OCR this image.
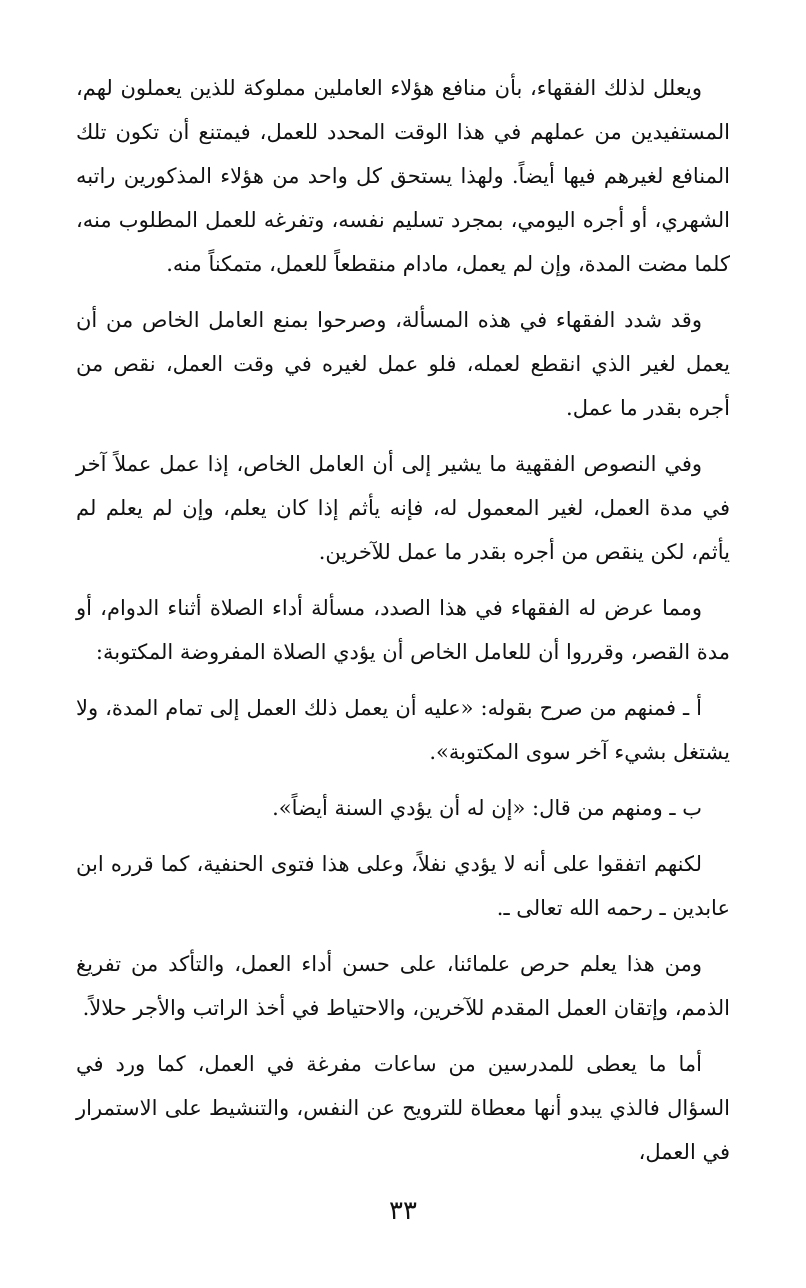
ويعلل لذلك الفقهاء، بأن منافع هؤلاء العاملين مملوكة للذين يعملون لهم، المستفيدين من عملهم في هذا الوقت المحدد للعمل، فيمتنع أن تكون تلك المنافع لغيرهم فيها أيضاً. ولهذا يستحق كل واحد من هؤلاء المذكورين راتبه الشهري، أو أجره اليومي، بمجرد تسليم نفسه، وتفرغه للعمل المطلوب منه، كلما مضت المدة، وإن لم يعمل، مادام منقطعاً للعمل، متمكناً منه.

وقد شدد الفقهاء في هذه المسألة، وصرحوا بمنع العامل الخاص من أن يعمل لغير الذي انقطع لعمله، فلو عمل لغيره في وقت العمل، نقص من أجره بقدر ما عمل.

وفي النصوص الفقهية ما يشير إلى أن العامل الخاص، إذا عمل عملاً آخر في مدة العمل، لغير المعمول له، فإنه يأثم إذا كان يعلم، وإن لم يعلم لم يأثم، لكن ينقص من أجره بقدر ما عمل للآخرين.

ومما عرض له الفقهاء في هذا الصدد، مسألة أداء الصلاة أثناء الدوام، أو مدة القصر، وقرروا أن للعامل الخاص أن يؤدي الصلاة المفروضة المكتوبة:

أ ـ فمنهم من صرح بقوله: «عليه أن يعمل ذلك العمل إلى تمام المدة، ولا يشتغل بشيء آخر سوى المكتوبة».

ب ـ ومنهم من قال: «إن له أن يؤدي السنة أيضاً».

لكنهم اتفقوا على أنه لا يؤدي نفلاً، وعلى هذا فتوى الحنفية، كما قرره ابن عابدين ـ رحمه الله تعالى ـ.

ومن هذا يعلم حرص علمائنا، على حسن أداء العمل، والتأكد من تفريغ الذمم، وإتقان العمل المقدم للآخرين، والاحتياط في أخذ الراتب والأجر حلالاً.

أما ما يعطى للمدرسين من ساعات مفرغة في العمل، كما ورد في السؤال فالذي يبدو أنها معطاة للترويح عن النفس، والتنشيط على الاستمرار في العمل،

٣٣
